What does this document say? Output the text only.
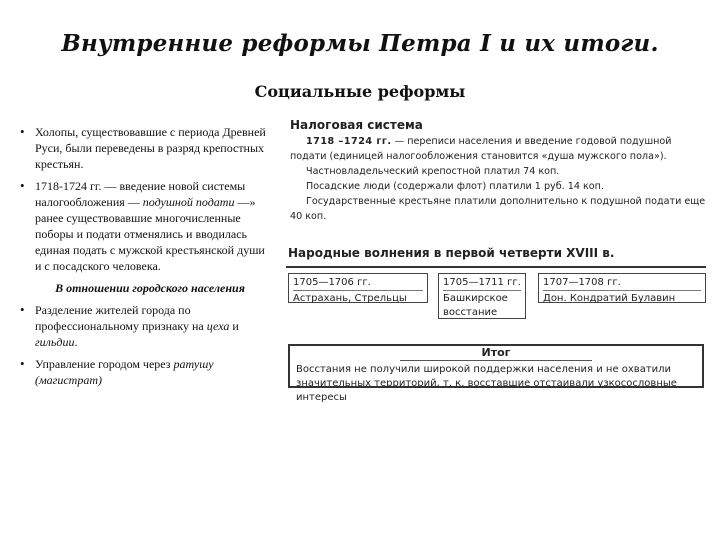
Внутренние реформы Петра I и их итоги.
Социальные реформы
• Холопы, существовавшие с периода Древней Руси, были переведены в разряд крепостных крестьян.
• 1718-1724 гг. — введение новой системы налогообложения — подушной подати —» ранее существовавшие многочисленные поборы и подати отменялись и вводилась единая подать с мужской крестьянской души и с посадского человека.
В отношении городского населения
• Разделение жителей города по профессиональному признаку на цеха и гильдии.
• Управление городом через ратушу (магистрат)
Налоговая система

1718 –1724 гг. — переписи населения и введение годовой подушной подати (единицей налогообложения становится «душа мужского пола»).

Частновладельческий крепостной платил 74 коп.

Посадские люди (содержали флот) платили 1 руб. 14 коп.

Государственные крестьяне платили дополнительно к подушной подати еще 40 коп.

Народные волнения в первой четверти XVIII в.
1705—1706 гг.
Астрахань, Стрельцы
1705—1711 гг.
Башкирское восстание
1707—1708 гг.
Дон. Кондратий Булавин
Итог
Восстания не получили широкой поддержки населения и не охватили значительных территорий, т. к. восставшие отстаивали узкосословные интересы
